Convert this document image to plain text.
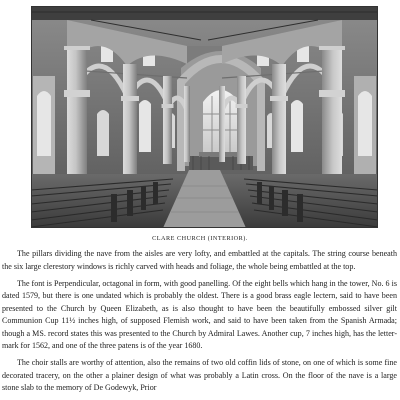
CLARE CHURCH (INTERIOR).

The pillars dividing the nave from the aisles are very lofty, and embattled at the capitals. The string course beneath the six large clerestory windows is richly carved with heads and foliage, the whole being embattled at the top.

The font is Perpendicular, octagonal in form, with good panelling. Of the eight bells which hang in the tower, No. 6 is dated 1579, but there is one undated which is probably the oldest. There is a good brass eagle lectern, said to have been presented to the Church by Queen Elizabeth, as is also thought to have been the beautifully embossed silver gilt Communion Cup 11½ inches high, of supposed Flemish work, and said to have been taken from the Spanish Armada; though a MS. record states this was presented to the Church by Admiral Lawes. Another cup, 7 inches high, has the letter-mark for 1562, and one of the three patens is of the year 1680.

The choir stalls are worthy of attention, also the remains of two old coffin lids of stone, on one of which is some fine decorated tracery, on the other a plainer design of what was probably a Latin cross. On the floor of the nave is a large stone slab to the memory of De Godewyk, Prior
